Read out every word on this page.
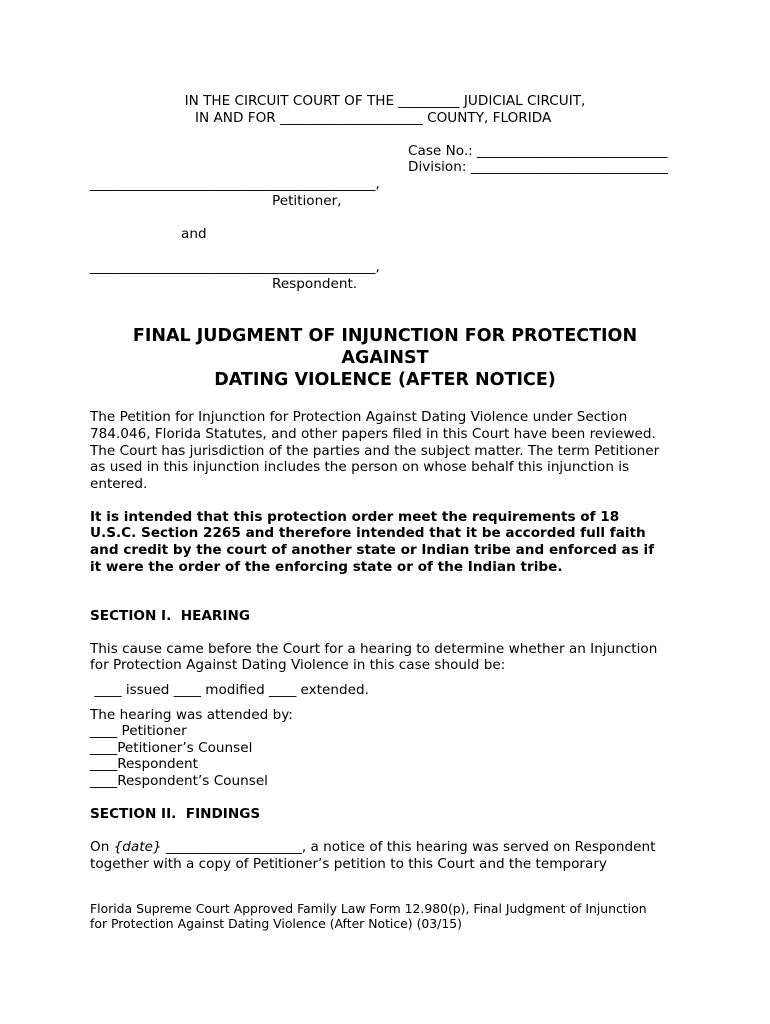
IN THE CIRCUIT COURT OF THE _________ JUDICIAL CIRCUIT,
IN AND FOR _____________________ COUNTY, FLORIDA
Case No.: ____________________________
Division: _____________________________
__________________________________________,
Petitioner,
and
__________________________________________,
Respondent.
FINAL JUDGMENT OF INJUNCTION FOR PROTECTION
AGAINST
DATING VIOLENCE (AFTER NOTICE)
The Petition for Injunction for Protection Against Dating Violence under Section
784.046, Florida Statutes, and other papers filed in this Court have been reviewed.
The Court has jurisdiction of the parties and the subject matter. The term Petitioner
as used in this injunction includes the person on whose behalf this injunction is
entered.
It is intended that this protection order meet the requirements of 18
U.S.C. Section 2265 and therefore intended that it be accorded full faith
and credit by the court of another state or Indian tribe and enforced as if
it were the order of the enforcing state or of the Indian tribe.
SECTION I.  HEARING
This cause came before the Court for a hearing to determine whether an Injunction
for Protection Against Dating Violence in this case should be:
____ issued ____ modified ____ extended.
The hearing was attended by:
____ Petitioner
____Petitioner’s Counsel
____Respondent
____Respondent’s Counsel
SECTION II.  FINDINGS
On {date} ____________________, a notice of this hearing was served on Respondent
together with a copy of Petitioner’s petition to this Court and the temporary
Florida Supreme Court Approved Family Law Form 12.980(p), Final Judgment of Injunction
for Protection Against Dating Violence (After Notice) (03/15)
